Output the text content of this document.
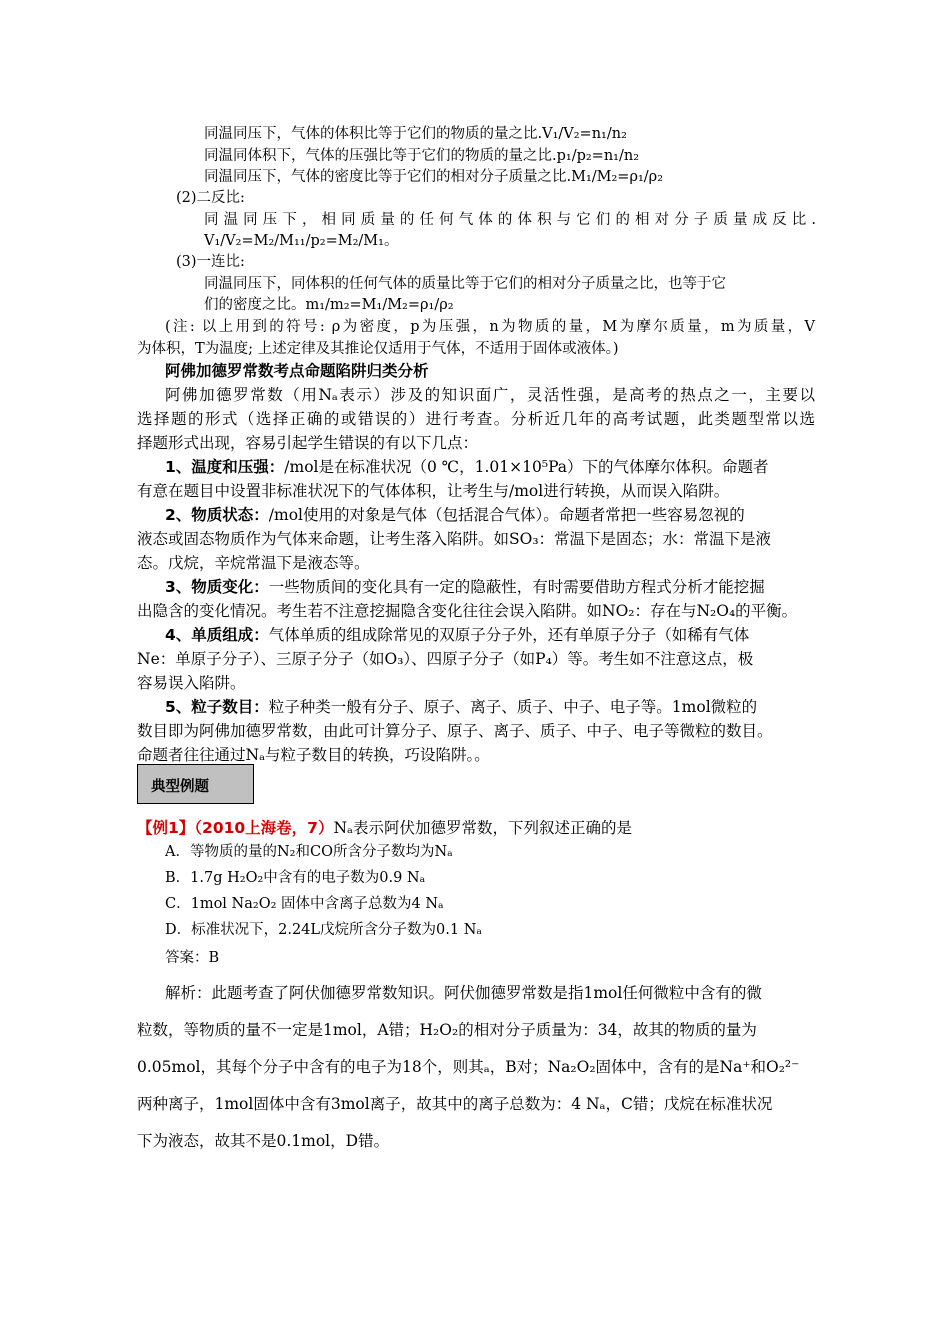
同温同压下，气体的体积比等于它们的物质的量之比.V₁/V₂=n₁/n₂
同温同体积下，气体的压强比等于它们的物质的量之比.p₁/p₂=n₁/n₂
同温同压下，气体的密度比等于它们的相对分子质量之比.M₁/M₂=ρ₁/ρ₂
(2)二反比:
同温同压下，相同质量的任何气体的体积与它们的相对分子质量成反比.
V₁/V₂=M₂/M₁₁/p₂=M₂/M₁。
(3)一连比:
同温同压下，同体积的任何气体的质量比等于它们的相对分子质量之比，也等于它
们的密度之比。m₁/m₂=M₁/M₂=ρ₁/ρ₂
(注: 以上用到的符号: ρ为密度，p为压强，n为物质的量，M为摩尔质量，m为质量，V
为体积，T为温度; 上述定律及其推论仅适用于气体，不适用于固体或液体。)
阿佛加德罗常数考点命题陷阱归类分析
阿佛加德罗常数（用Nₐ表示）涉及的知识面广，灵活性强，是高考的热点之一，主要以
选择题的形式（选择正确的或错误的）进行考查。分析近几年的高考试题，此类题型常以选
择题形式出现，容易引起学生错误的有以下几点：
1、温度和压强：/mol是在标准状况（0 ℃，1.01×10⁵Pa）下的气体摩尔体积。命题者
有意在题目中设置非标准状况下的气体体积，让考生与/mol进行转换，从而误入陷阱。
2、物质状态：/mol使用的对象是气体（包括混合气体）。命题者常把一些容易忽视的
液态或固态物质作为气体来命题，让考生落入陷阱。如SO₃：常温下是固态；水：常温下是液
态。戊烷，辛烷常温下是液态等。
3、物质变化：一些物质间的变化具有一定的隐蔽性，有时需要借助方程式分析才能挖掘
出隐含的变化情况。考生若不注意挖掘隐含变化往往会误入陷阱。如NO₂：存在与N₂O₄的平衡。
4、单质组成：气体单质的组成除常见的双原子分子外，还有单原子分子（如稀有气体
Ne：单原子分子）、三原子分子（如O₃）、四原子分子（如P₄）等。考生如不注意这点，极
容易误入陷阱。
5、粒子数目：粒子种类一般有分子、原子、离子、质子、中子、电子等。1mol微粒的
数目即为阿佛加德罗常数，由此可计算分子、原子、离子、质子、中子、电子等微粒的数目。
命题者往往通过Nₐ与粒子数目的转换，巧设陷阱。。
典型例题
【例1】（2010上海卷，7）Nₐ表示阿伏加德罗常数，下列叙述正确的是
A．等物质的量的N₂和CO所含分子数均为Nₐ
B．1.7g H₂O₂中含有的电子数为0.9 Nₐ
C．1mol Na₂O₂ 固体中含离子总数为4 Nₐ
D．标准状况下，2.24L戊烷所含分子数为0.1 Nₐ
答案：B
解析：此题考查了阿伏伽德罗常数知识。阿伏伽德罗常数是指1mol任何微粒中含有的微
粒数，等物质的量不一定是1mol，A错；H₂O₂的相对分子质量为：34，故其的物质的量为
0.05mol，其每个分子中含有的电子为18个，则其ₐ，B对；Na₂O₂固体中，含有的是Na⁺和O₂²⁻
两种离子，1mol固体中含有3mol离子，故其中的离子总数为：4 Nₐ，C错；戊烷在标准状况
下为液态，故其不是0.1mol，D错。
